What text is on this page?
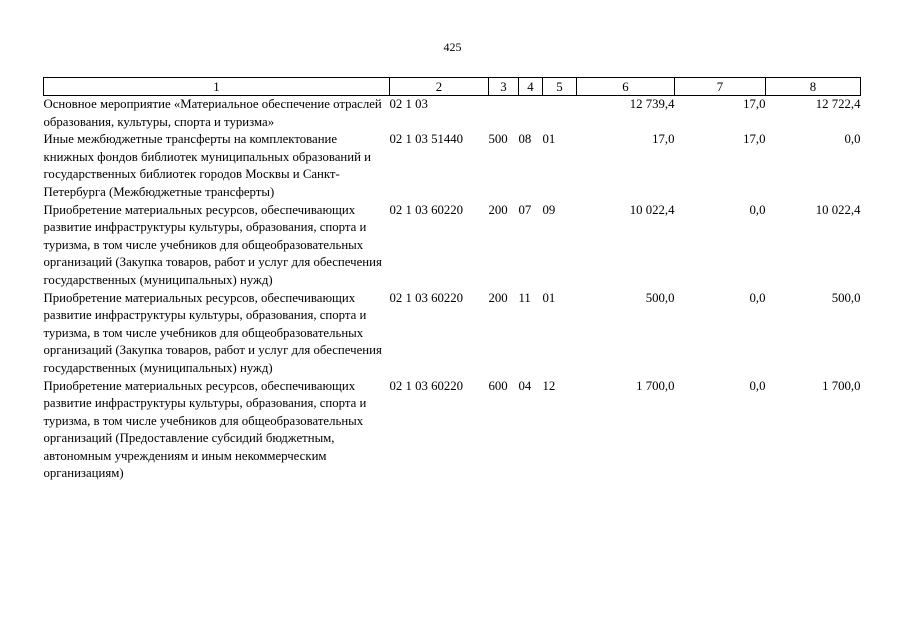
425
1	2	3	4	5	6	7	8
Основное мероприятие «Материальное обеспечение отраслей образования, культуры, спорта и туризма»	02 1 03				12 739,4	17,0	12 722,4
Иные межбюджетные трансферты на комплектование книжных фондов библиотек муниципальных образований и государственных библиотек городов Москвы и Санкт-Петербурга (Межбюджетные трансферты)	02 1 03 51440	500	08	01	17,0	17,0	0,0
Приобретение материальных ресурсов, обеспечивающих развитие инфраструктуры культуры, образования, спорта и туризма, в том числе учебников для общеобразовательных организаций (Закупка товаров, работ и услуг для обеспечения государственных (муниципальных) нужд)	02 1 03 60220	200	07	09	10 022,4	0,0	10 022,4
Приобретение материальных ресурсов, обеспечивающих развитие инфраструктуры культуры, образования, спорта и туризма, в том числе учебников для общеобразовательных организаций (Закупка товаров, работ и услуг для обеспечения государственных (муниципальных) нужд)	02 1 03 60220	200	11	01	500,0	0,0	500,0
Приобретение материальных ресурсов, обеспечивающих развитие инфраструктуры культуры, образования, спорта и туризма, в том числе учебников для общеобразовательных организаций (Предоставление субсидий бюджетным, автономным учреждениям и иным некоммерческим организациям)	02 1 03 60220	600	04	12	1 700,0	0,0	1 700,0
